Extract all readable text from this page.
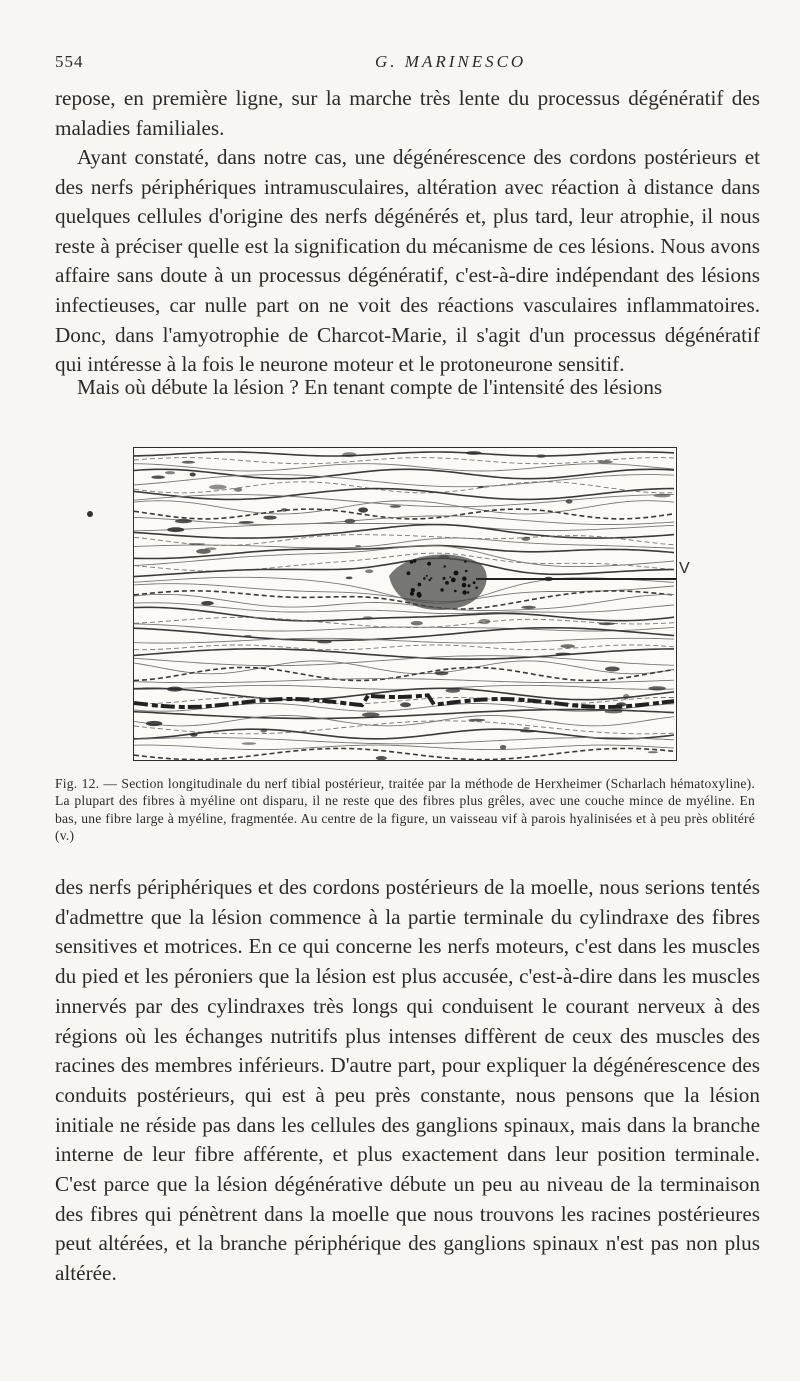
554	G. MARINESCO

repose, en première ligne, sur la marche très lente du processus dégénératif des maladies familiales.

Ayant constaté, dans notre cas, une dégénérescence des cordons postérieurs et des nerfs périphériques intramusculaires, altération avec réaction à distance dans quelques cellules d'origine des nerfs dégénérés et, plus tard, leur atrophie, il nous reste à préciser quelle est la signification du mécanisme de ces lésions. Nous avons affaire sans doute à un processus dégénératif, c'est-à-dire indépendant des lésions infectieuses, car nulle part on ne voit des réactions vasculaires inflammatoires. Donc, dans l'amyotrophie de Charcot-Marie, il s'agit d'un processus dégénératif qui intéresse à la fois le neurone moteur et le protoneurone sensitif.

Mais où débute la lésion ? En tenant compte de l'intensité des lésions

V
Fig. 12. — Section longitudinale du nerf tibial postérieur, traitée par la méthode de Herxheimer (Scharlach hématoxyline). La plupart des fibres à myéline ont disparu, il ne reste que des fibres plus grêles, avec une couche mince de myéline. En bas, une fibre large à myéline, fragmentée. Au centre de la figure, un vaisseau vif à parois hyalinisées et à peu près oblitéré (v.)

des nerfs périphériques et des cordons postérieurs de la moelle, nous serions tentés d'admettre que la lésion commence à la partie terminale du cylindraxe des fibres sensitives et motrices. En ce qui concerne les nerfs moteurs, c'est dans les muscles du pied et les péroniers que la lésion est plus accusée, c'est-à-dire dans les muscles innervés par des cylindraxes très longs qui conduisent le courant nerveux à des régions où les échanges nutritifs plus intenses diffèrent de ceux des muscles des racines des membres inférieurs. D'autre part, pour expliquer la dégénérescence des conduits postérieurs, qui est à peu près constante, nous pensons que la lésion initiale ne réside pas dans les cellules des ganglions spinaux, mais dans la branche interne de leur fibre afférente, et plus exactement dans leur position terminale. C'est parce que la lésion dégénérative débute un peu au niveau de la terminaison des fibres qui pénètrent dans la moelle que nous trouvons les racines postérieures peut altérées, et la branche périphérique des ganglions spinaux n'est pas non plus altérée.
